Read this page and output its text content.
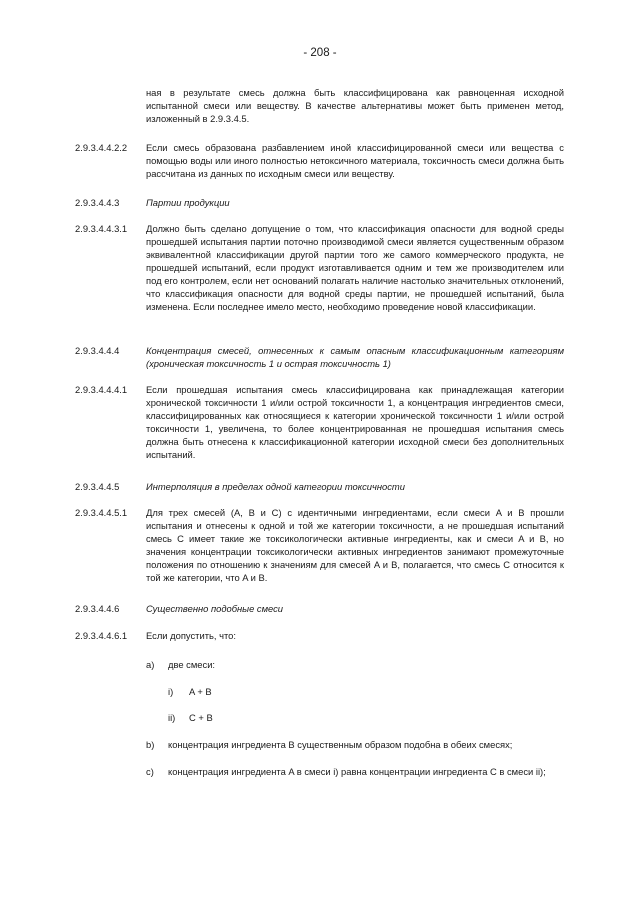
- 208 -

ная в результате смесь должна быть классифицирована как равноценная исходной испытанной смеси или веществу. В качестве альтернативы может быть применен метод, изложенный в 2.9.3.4.5.

2.9.3.4.4.2.2 Если смесь образована разбавлением иной классифицированной смеси или вещества с помощью воды или иного полностью нетоксичного материала, токсичность смеси должна быть рассчитана из данных по исходным смеси или веществу.

2.9.3.4.4.3	Партии продукции

2.9.3.4.4.3.1 Должно быть сделано допущение о том, что классификация опасности для водной среды прошедшей испытания партии поточно производимой смеси является существенным образом эквивалентной классификации другой партии того же самого коммерческого продукта, не прошедшей испытаний, если продукт изготавливается одним и тем же производителем или под его контролем, если нет оснований полагать наличие настолько значительных отклонений, что классификация опасности для водной среды партии, не прошедшей испытаний, была изменена. Если последнее имело место, необходимо проведение новой классификации.

2.9.3.4.4.4	Концентрация смесей, отнесенных к самым опасным классификационным категориям (хроническая токсичность 1 и острая токсичность 1)

2.9.3.4.4.4.1 Если прошедшая испытания смесь классифицирована как принадлежащая категории хронической токсичности 1 и/или острой токсичности 1, а концентрация ингредиентов смеси, классифицированных как относящиеся к категории хронической токсичности 1 и/или острой токсичности 1, увеличена, то более концентрированная не прошедшая испытания смесь должна быть отнесена к классификационной категории исходной смеси без дополнительных испытаний.

2.9.3.4.4.5	Интерполяция в пределах одной категории токсичности

2.9.3.4.4.5.1 Для трех смесей (A, B и C) с идентичными ингредиентами, если смеси A и B прошли испытания и отнесены к одной и той же категории токсичности, а не прошедшая испытаний смесь C имеет такие же токсикологически активные ингредиенты, как и смеси A и B, но значения концентрации токсикологически активных ингредиентов занимают промежуточные положения по отношению к значениям для смесей A и B, полагается, что смесь C относится к той же категории, что A и B.

2.9.3.4.4.6	Существенно подобные смеси

2.9.3.4.4.6.1 Если допустить, что:

a) две смеси:
i) A + B
ii) C + B
b) концентрация ингредиента B существенным образом подобна в обеих смесях;
c) концентрация ингредиента A в смеси i) равна концентрации ингредиента C в смеси ii);
